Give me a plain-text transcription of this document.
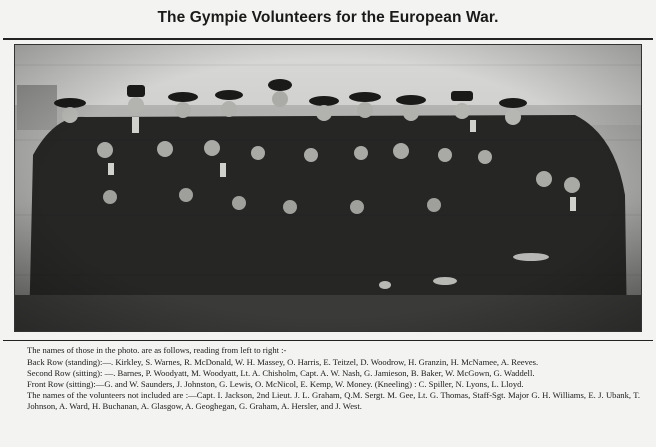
The Gympie Volunteers for the European War.

The names of those in the photo. are as follows, reading from left to right :-

Back Row (standing):—. Kirkley, S. Warnes, R. McDonald, W. H. Massey, O. Harris, E. Teitzel, D. Woodrow, H. Granzin, H. McNamee, A. Reeves.

Second Row (sitting): —. Barnes, P. Woodyatt, M. Woodyatt, Lt. A. Chisholm, Capt. A. W. Nash, G. Jamieson, B. Baker, W. McGown, G. Waddell.

Front Row (sitting):—G. and W. Saunders, J. Johnston, G. Lewis, O. McNicol, E. Kemp, W. Money. (Kneeling) : C. Spiller, N. Lyons, L. Lloyd.

The names of the volunteers not included are :—Capt. I. Jackson, 2nd Lieut. J. L. Graham, Q.M. Sergt. M. Gee, Lt. G. Thomas, Staff-Sgt. Major G. H. Williams, E. J. Ubank, T. Johnson, A. Ward, H. Buchanan, A. Glasgow, A. Geoghegan, G. Graham, A. Hersler, and J. West.
